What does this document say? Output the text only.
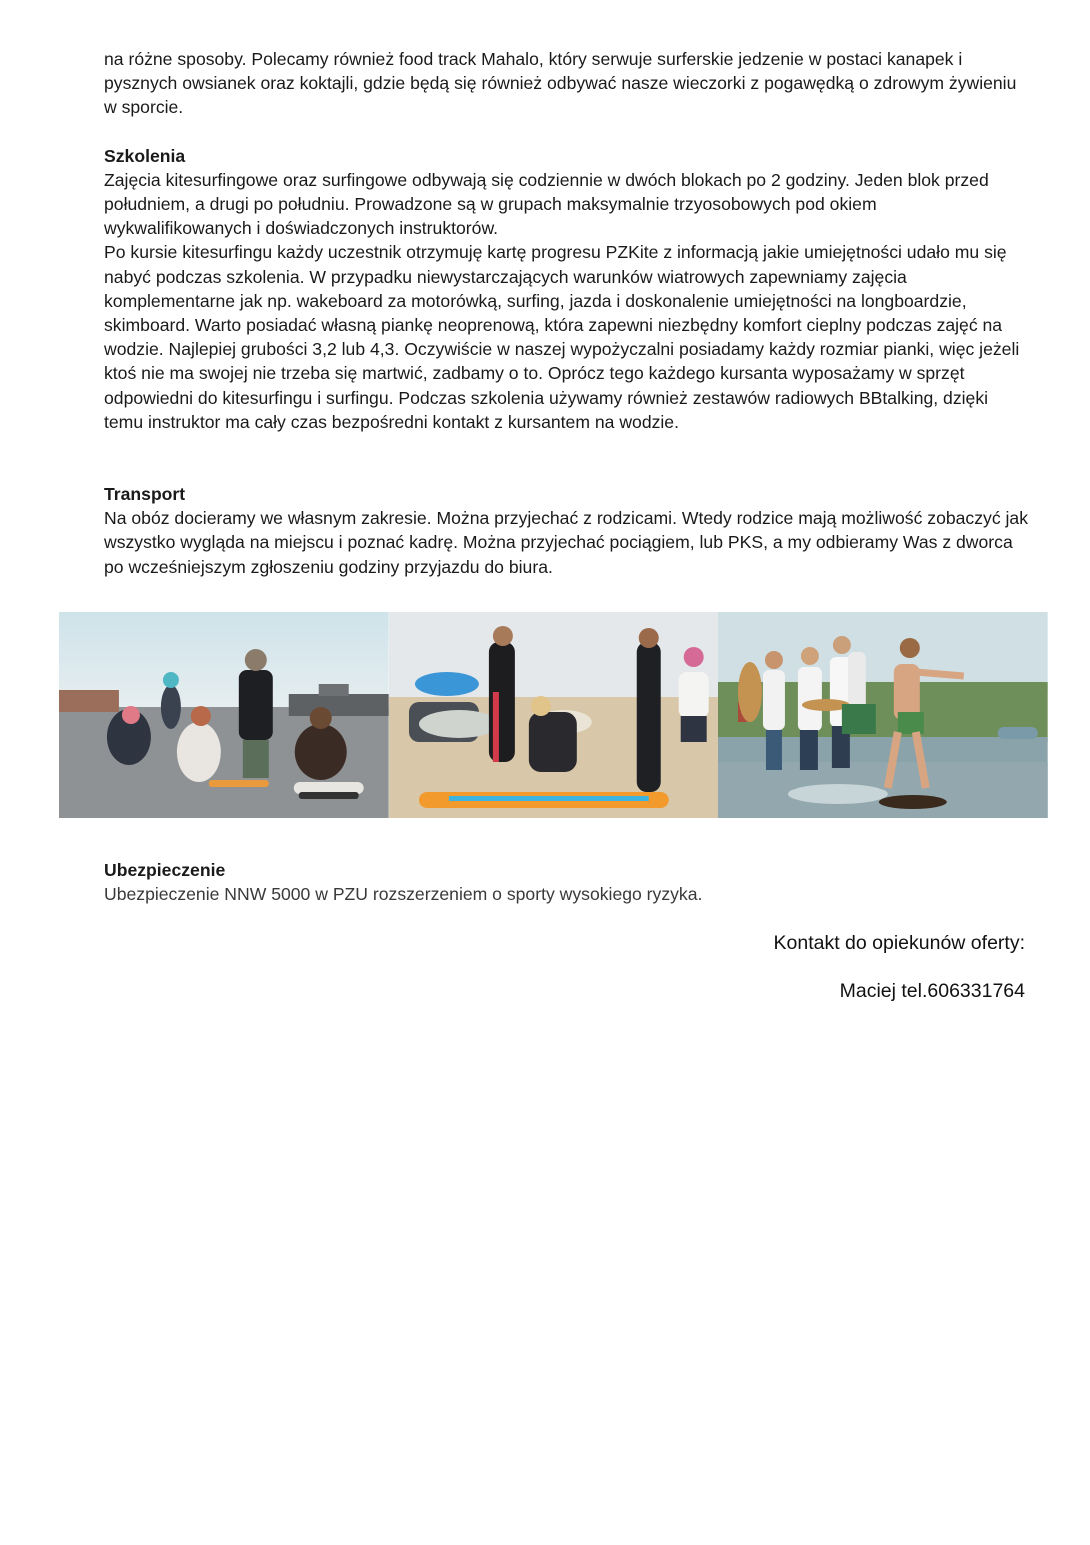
na różne sposoby. Polecamy również food track Mahalo, który serwuje surferskie jedzenie w postaci kanapek i pysznych owsianek oraz koktajli, gdzie będą się również odbywać nasze wieczorki z pogawędką o zdrowym żywieniu w sporcie.

Szkolenia

Zajęcia kitesurfingowe oraz surfingowe odbywają się codziennie w dwóch blokach po 2 godziny. Jeden blok przed południem, a drugi po południu. Prowadzone są w grupach maksymalnie trzyosobowych pod okiem wykwalifikowanych i doświadczonych instruktorów.

Po kursie kitesurfingu każdy uczestnik otrzymuję kartę progresu PZKite z informacją jakie umiejętności udało mu się nabyć podczas szkolenia. W przypadku niewystarczających warunków wiatrowych zapewniamy zajęcia komplementarne jak np. wakeboard za motorówką, surfing, jazda i doskonalenie umiejętności na longboardzie, skimboard. Warto posiadać własną piankę neoprenową, która zapewni niezbędny komfort cieplny podczas zajęć na wodzie. Najlepiej grubości 3,2 lub 4,3. Oczywiście w naszej wypożyczalni posiadamy każdy rozmiar pianki, więc jeżeli ktoś nie ma swojej nie trzeba się martwić, zadbamy o to. Oprócz tego każdego kursanta wyposażamy w sprzęt odpowiedni do kitesurfingu i surfingu. Podczas szkolenia używamy również zestawów radiowych BBtalking, dzięki temu instruktor ma cały czas bezpośredni kontakt z kursantem na wodzie.

Transport

Na obóz docieramy we własnym zakresie. Można przyjechać z rodzicami. Wtedy rodzice mają możliwość zobaczyć jak wszystko wygląda na miejscu i poznać kadrę. Można przyjechać pociągiem, lub PKS, a my odbieramy Was z dworca po wcześniejszym zgłoszeniu godziny przyjazdu do biura.

Ubezpieczenie

Ubezpieczenie NNW 5000 w PZU rozszerzeniem o sporty wysokiego ryzyka.

Kontakt do opiekunów oferty:

Maciej tel.606331764
